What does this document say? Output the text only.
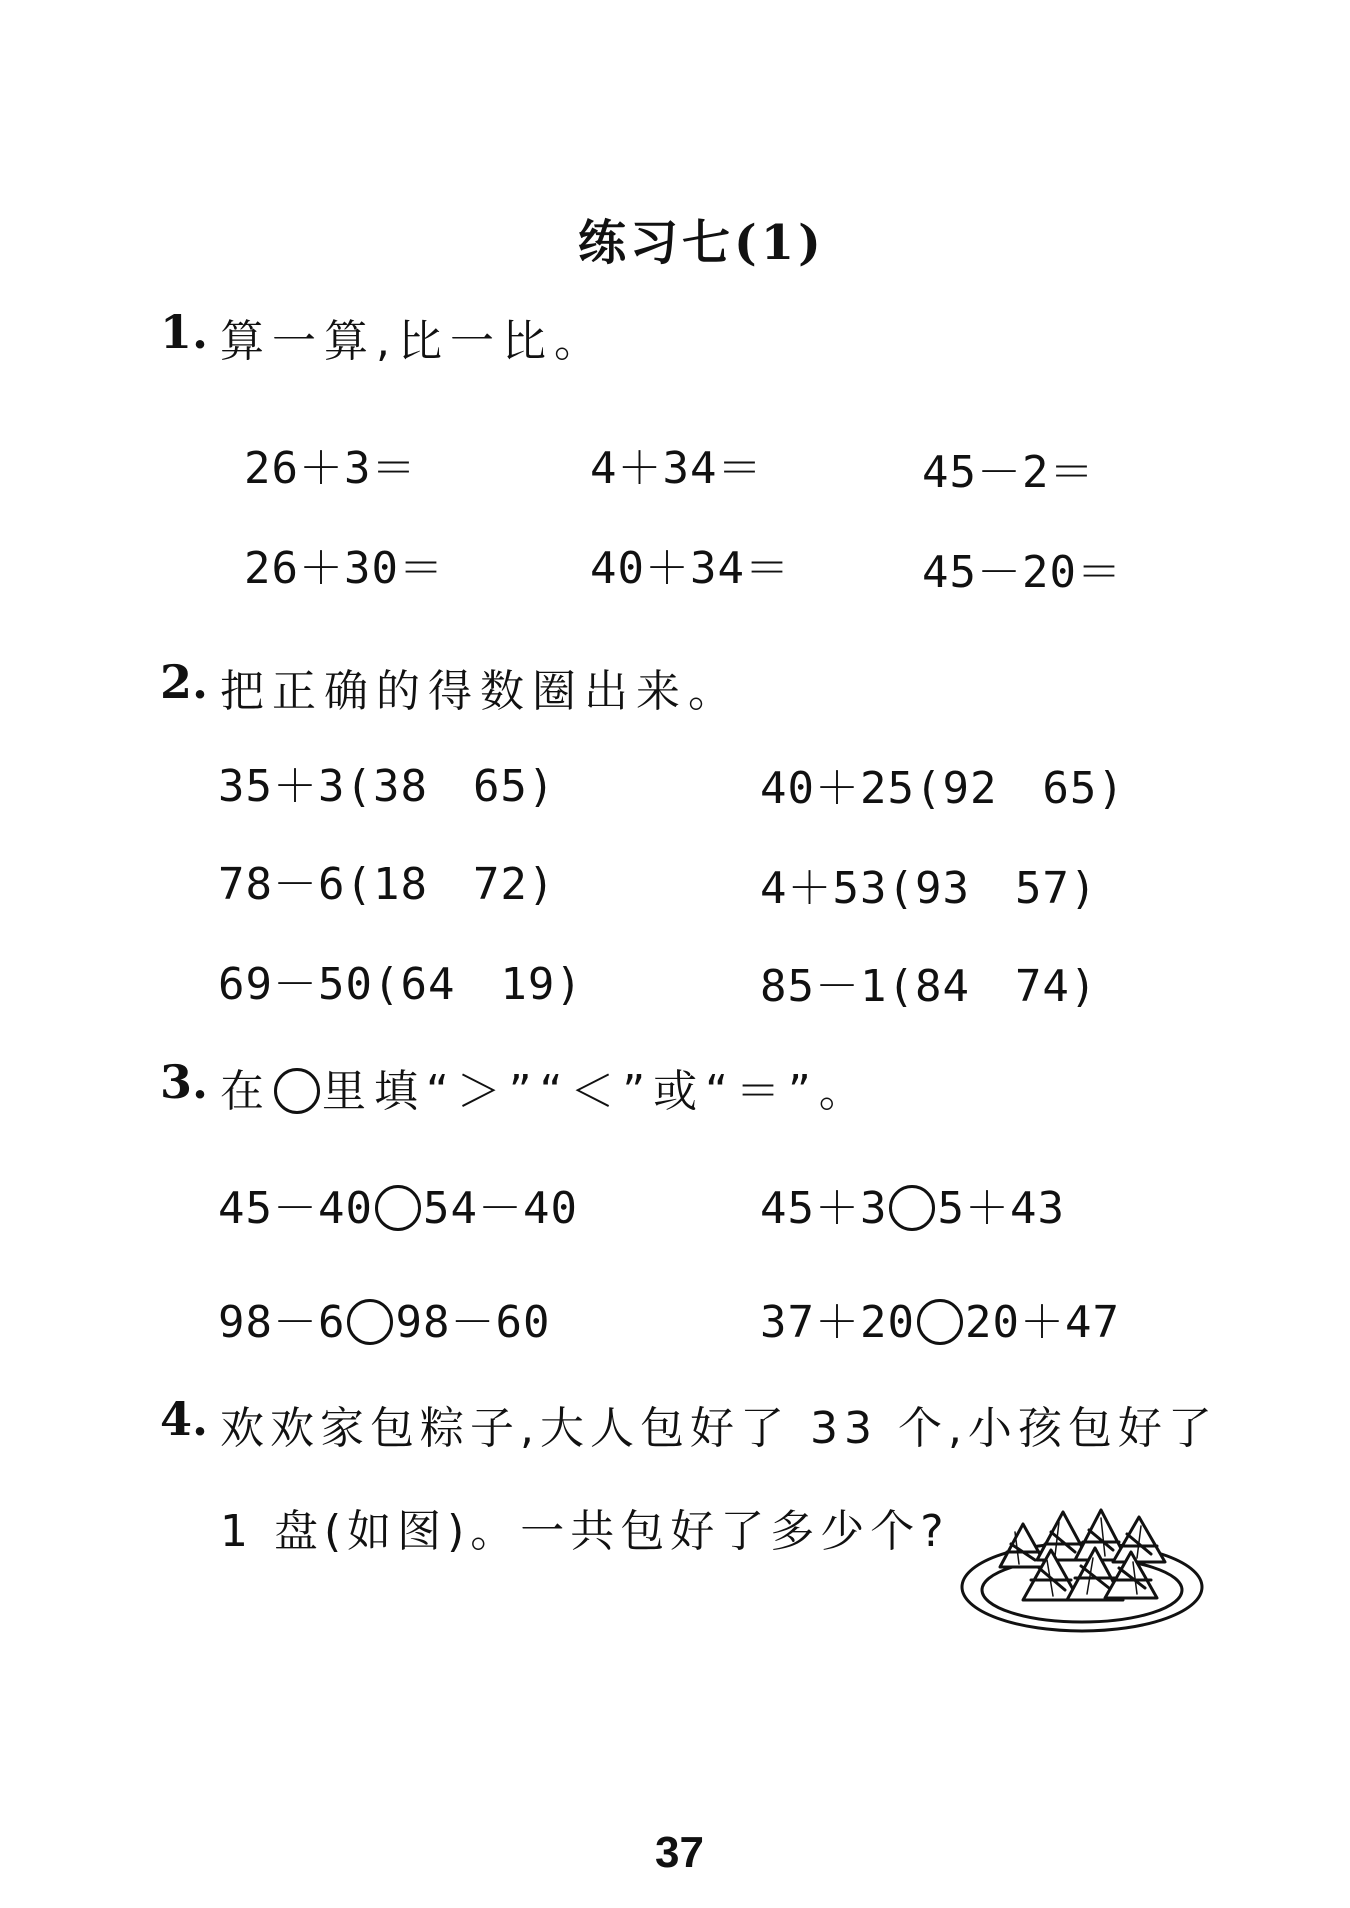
练习七(1)
1. 算一算,比一比。
26＋3＝	4＋34＝	45－2＝
26＋30＝	40＋34＝	45－20＝
2. 把正确的得数圈出来。
35＋3(38　65)	40＋25(92　65)
78－6(18　72)	4＋53(93　57)
69－50(64　19)	85－1(84　74)
3. 在 里填“＞”“＜”或“＝”。
45－40 54－40	45＋3 5＋43
98－6 98－60	37＋20 20＋47
4. 欢欢家包粽子,大人包好了 33 个,小孩包好了
1 盘(如图)。一共包好了多少个?
37
